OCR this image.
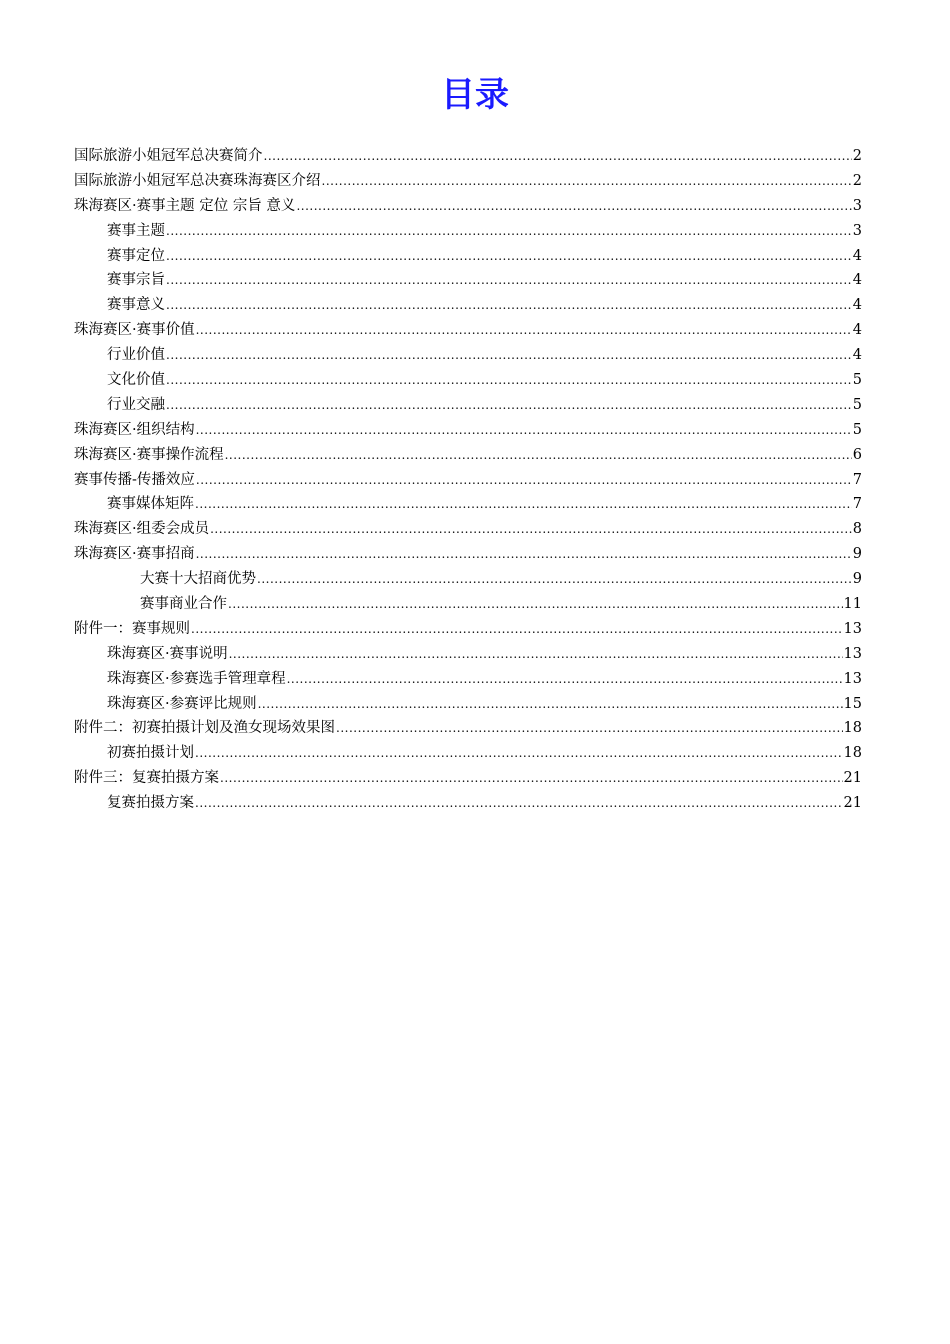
目录
国际旅游小姐冠军总决赛简介 .....	2
国际旅游小姐冠军总决赛珠海赛区介绍 .....	2
珠海赛区·赛事主题 定位 宗旨 意义 .....	3
赛事主题 .....	3
赛事定位 .....	4
赛事宗旨 .....	4
赛事意义 .....	4
珠海赛区·赛事价值 .....	4
行业价值 .....	4
文化价值 .....	5
行业交融 .....	5
珠海赛区·组织结构 .....	5
珠海赛区·赛事操作流程 .....	6
赛事传播-传播效应 .....	7
赛事媒体矩阵 .....	7
珠海赛区·组委会成员 .....	8
珠海赛区·赛事招商 .....	9
大赛十大招商优势 .....	9
赛事商业合作 .....	11
附件一：赛事规则 .....	13
珠海赛区·赛事说明 .....	13
珠海赛区·参赛选手管理章程 .....	13
珠海赛区·参赛评比规则 .....	15
附件二：初赛拍摄计划及渔女现场效果图 .....	18
初赛拍摄计划 .....	18
附件三：复赛拍摄方案 .....	21
复赛拍摄方案 .....	21
